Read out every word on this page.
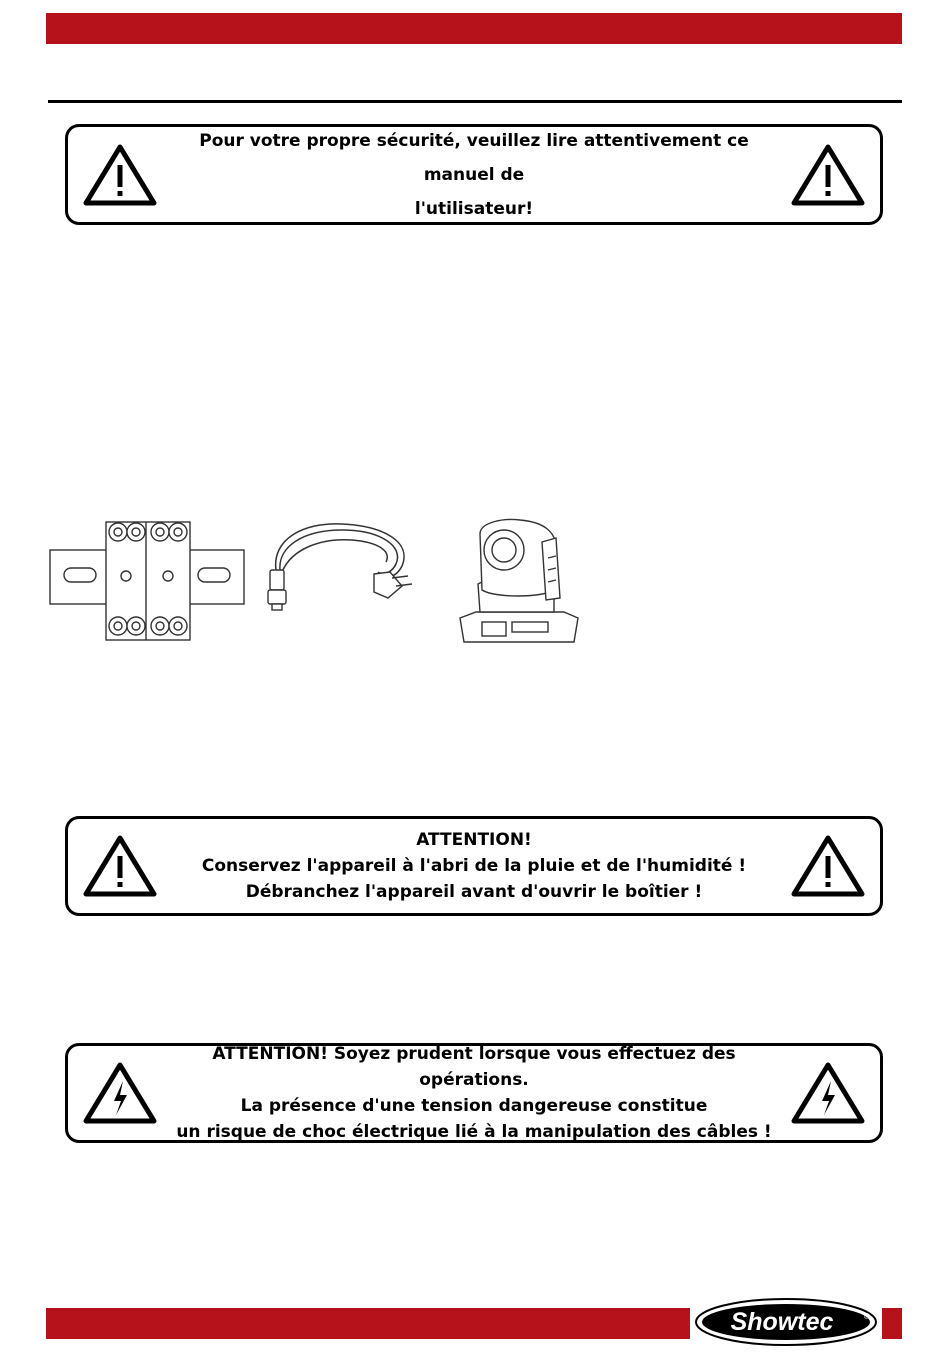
Pour votre propre sécurité, veuillez lire attentivement ce manuel de
l'utilisateur!
ATTENTION!
Conservez l'appareil à l'abri de la pluie et de l'humidité !
Débranchez l'appareil avant d'ouvrir le boîtier !
ATTENTION! Soyez prudent lorsque vous effectuez des opérations.
La présence d'une tension dangereuse constitue
un risque de choc électrique lié à la manipulation des câbles !
Showtec	®
